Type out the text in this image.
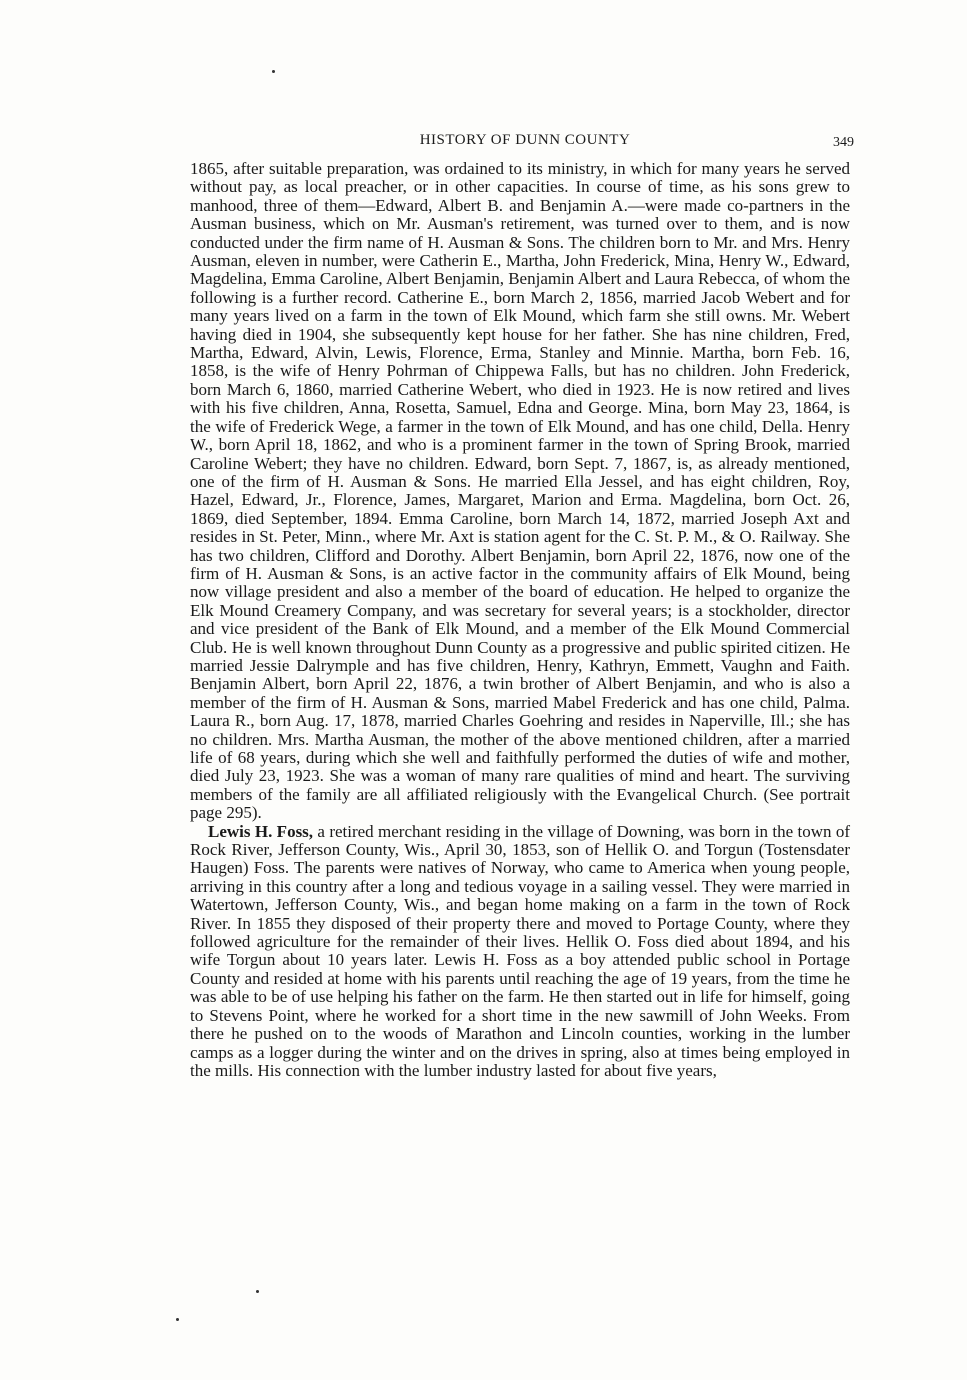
HISTORY OF DUNN COUNTY	349

1865, after suitable preparation, was ordained to its ministry, in which for many years he served without pay, as local preacher, or in other capacities. In course of time, as his sons grew to manhood, three of them—Edward, Albert B. and Benjamin A.—were made co-partners in the Ausman business, which on Mr. Ausman's retirement, was turned over to them, and is now conducted under the firm name of H. Ausman & Sons. The children born to Mr. and Mrs. Henry Ausman, eleven in number, were Catherin E., Martha, John Frederick, Mina, Henry W., Edward, Magdelina, Emma Caroline, Albert Benjamin, Benjamin Albert and Laura Rebecca, of whom the following is a further record. Catherine E., born March 2, 1856, married Jacob Webert and for many years lived on a farm in the town of Elk Mound, which farm she still owns. Mr. Webert having died in 1904, she subsequently kept house for her father. She has nine children, Fred, Martha, Edward, Alvin, Lewis, Florence, Erma, Stanley and Minnie. Martha, born Feb. 16, 1858, is the wife of Henry Pohrman of Chippewa Falls, but has no children. John Frederick, born March 6, 1860, married Catherine Webert, who died in 1923. He is now retired and lives with his five children, Anna, Rosetta, Samuel, Edna and George. Mina, born May 23, 1864, is the wife of Frederick Wege, a farmer in the town of Elk Mound, and has one child, Della. Henry W., born April 18, 1862, and who is a prominent farmer in the town of Spring Brook, married Caroline Webert; they have no children. Edward, born Sept. 7, 1867, is, as already mentioned, one of the firm of H. Ausman & Sons. He married Ella Jessel, and has eight children, Roy, Hazel, Edward, Jr., Florence, James, Margaret, Marion and Erma. Magdelina, born Oct. 26, 1869, died September, 1894. Emma Caroline, born March 14, 1872, married Joseph Axt and resides in St. Peter, Minn., where Mr. Axt is station agent for the C. St. P. M., & O. Railway. She has two children, Clifford and Dorothy. Albert Benjamin, born April 22, 1876, now one of the firm of H. Ausman & Sons, is an active factor in the community affairs of Elk Mound, being now village president and also a member of the board of education. He helped to organize the Elk Mound Creamery Company, and was secretary for several years; is a stockholder, director and vice president of the Bank of Elk Mound, and a member of the Elk Mound Commercial Club. He is well known throughout Dunn County as a progressive and public spirited citizen. He married Jessie Dalrymple and has five children, Henry, Kathryn, Emmett, Vaughn and Faith. Benjamin Albert, born April 22, 1876, a twin brother of Albert Benjamin, and who is also a member of the firm of H. Ausman & Sons, married Mabel Frederick and has one child, Palma. Laura R., born Aug. 17, 1878, married Charles Goehring and resides in Naperville, Ill.; she has no children. Mrs. Martha Ausman, the mother of the above mentioned children, after a married life of 68 years, during which she well and faithfully performed the duties of wife and mother, died July 23, 1923. She was a woman of many rare qualities of mind and heart. The surviving members of the family are all affiliated religiously with the Evangelical Church. (See portrait page 295).

Lewis H. Foss, a retired merchant residing in the village of Downing, was born in the town of Rock River, Jefferson County, Wis., April 30, 1853, son of Hellik O. and Torgun (Tostensdater Haugen) Foss. The parents were natives of Norway, who came to America when young people, arriving in this country after a long and tedious voyage in a sailing vessel. They were married in Watertown, Jefferson County, Wis., and began home making on a farm in the town of Rock River. In 1855 they disposed of their property there and moved to Portage County, where they followed agriculture for the remainder of their lives. Hellik O. Foss died about 1894, and his wife Torgun about 10 years later. Lewis H. Foss as a boy attended public school in Portage County and resided at home with his parents until reaching the age of 19 years, from the time he was able to be of use helping his father on the farm. He then started out in life for himself, going to Stevens Point, where he worked for a short time in the new sawmill of John Weeks. From there he pushed on to the woods of Marathon and Lincoln counties, working in the lumber camps as a logger during the winter and on the drives in spring, also at times being employed in the mills. His connection with the lumber industry lasted for about five years,
